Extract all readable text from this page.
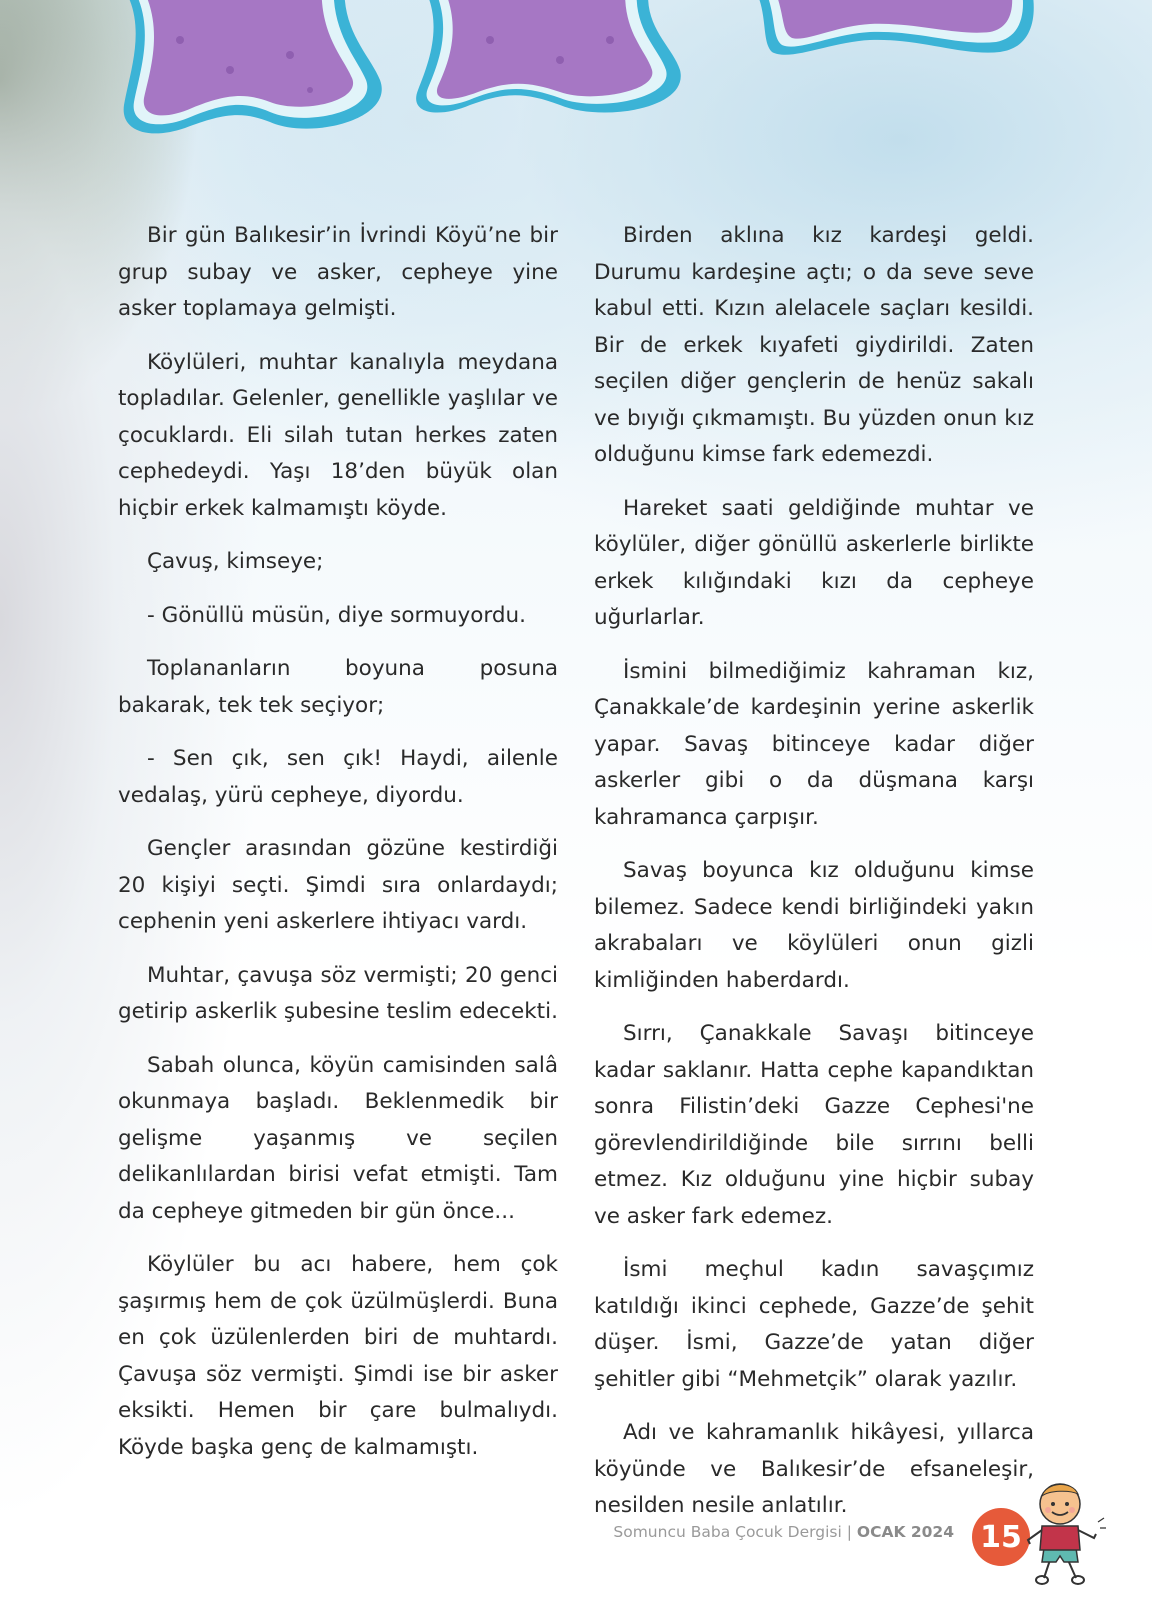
Bir gün Balıkesir’in İvrindi Köyü’ne bir grup subay ve asker, cepheye yine asker toplamaya gelmişti.

Köylüleri, muhtar kanalıyla meydana topladılar. Gelenler, genellikle yaşlılar ve çocuklardı. Eli silah tutan herkes zaten cephedeydi. Yaşı 18’den büyük olan hiçbir erkek kalmamıştı köyde.

Çavuş, kimseye;

- Gönüllü müsün, diye sormuyordu.

Toplananların boyuna posuna bakarak, tek tek seçiyor;

- Sen çık, sen çık! Haydi, ailenle vedalaş, yürü cepheye, diyordu.

Gençler arasından gözüne kestirdiği 20 kişiyi seçti. Şimdi sıra onlardaydı; cephenin yeni askerlere ihtiyacı vardı.

Muhtar, çavuşa söz vermişti; 20 genci getirip askerlik şubesine teslim edecekti.

Sabah olunca, köyün camisinden salâ okunmaya başladı. Beklenmedik bir gelişme yaşanmış ve seçilen delikanlılardan birisi vefat etmişti. Tam da cepheye gitmeden bir gün önce...

Köylüler bu acı habere, hem çok şaşırmış hem de çok üzülmüşlerdi. Buna en çok üzülenlerden biri de muhtardı. Çavuşa söz vermişti. Şimdi ise bir asker eksikti. Hemen bir çare bulmalıydı. Köyde başka genç de kalmamıştı.

Birden aklına kız kardeşi geldi. Durumu kardeşine açtı; o da seve seve kabul etti. Kızın alelacele saçları kesildi. Bir de erkek kıyafeti giydirildi. Zaten seçilen diğer gençlerin de henüz sakalı ve bıyığı çıkmamıştı. Bu yüzden onun kız olduğunu kimse fark edemezdi.

Hareket saati geldiğinde muhtar ve köylüler, diğer gönüllü askerlerle birlikte erkek kılığındaki kızı da cepheye uğurlarlar.

İsmini bilmediğimiz kahraman kız, Çanakkale’de kardeşinin yerine askerlik yapar. Savaş bitinceye kadar diğer askerler gibi o da düşmana karşı kahramanca çarpışır.

Savaş boyunca kız olduğunu kimse bilemez. Sadece kendi birliğindeki yakın akrabaları ve köylüleri onun gizli kimliğinden haberdardı.

Sırrı, Çanakkale Savaşı bitinceye kadar saklanır. Hatta cephe kapandıktan sonra Filistin’deki Gazze Cephesi'ne görevlendirildiğinde bile sırrını belli etmez. Kız olduğunu yine hiçbir subay ve asker fark edemez.

İsmi meçhul kadın savaşçımız katıldığı ikinci cephede, Gazze’de şehit düşer. İsmi, Gazze’de yatan diğer şehitler gibi “Mehmetçik” olarak yazılır.

Adı ve kahramanlık hikâyesi, yıllarca köyünde ve Balıkesir’de efsaneleşir, nesilden nesile anlatılır.

Somuncu Baba Çocuk Dergisi | OCAK 2024 15
